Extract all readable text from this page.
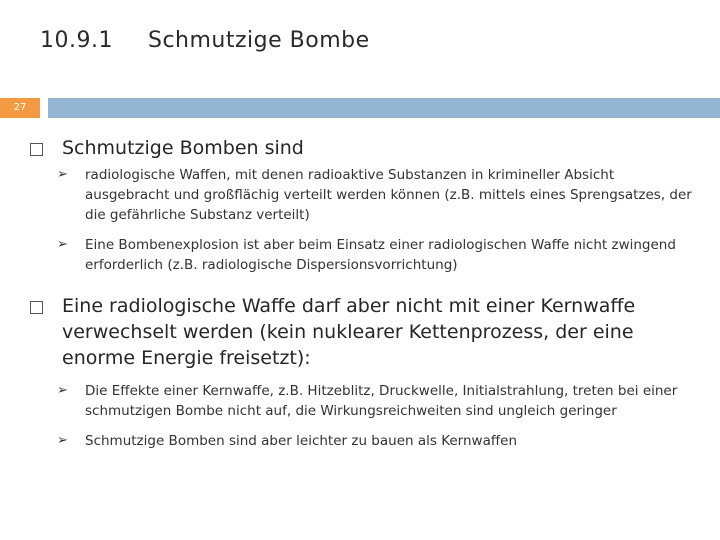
10.9.1	Schmutzige Bombe
27
Schmutzige Bomben sind
➢	radiologische Waffen, mit denen radioaktive Substanzen in krimineller Absicht ausgebracht und großflächig verteilt werden können (z.B. mittels eines Sprengsatzes, der die gefährliche Substanz verteilt)
➢	Eine Bombenexplosion ist aber beim Einsatz einer radiologischen Waffe nicht zwingend erforderlich (z.B. radiologische Dispersionsvorrichtung)
Eine radiologische Waffe darf aber nicht mit einer Kernwaffe verwechselt werden (kein nuklearer Kettenprozess, der eine enorme Energie freisetzt):
➢	Die Effekte einer Kernwaffe, z.B. Hitzeblitz, Druckwelle, Initialstrahlung, treten bei einer schmutzigen Bombe nicht auf, die Wirkungsreichweiten sind ungleich geringer
➢	Schmutzige Bomben sind aber leichter zu bauen als Kernwaffen
